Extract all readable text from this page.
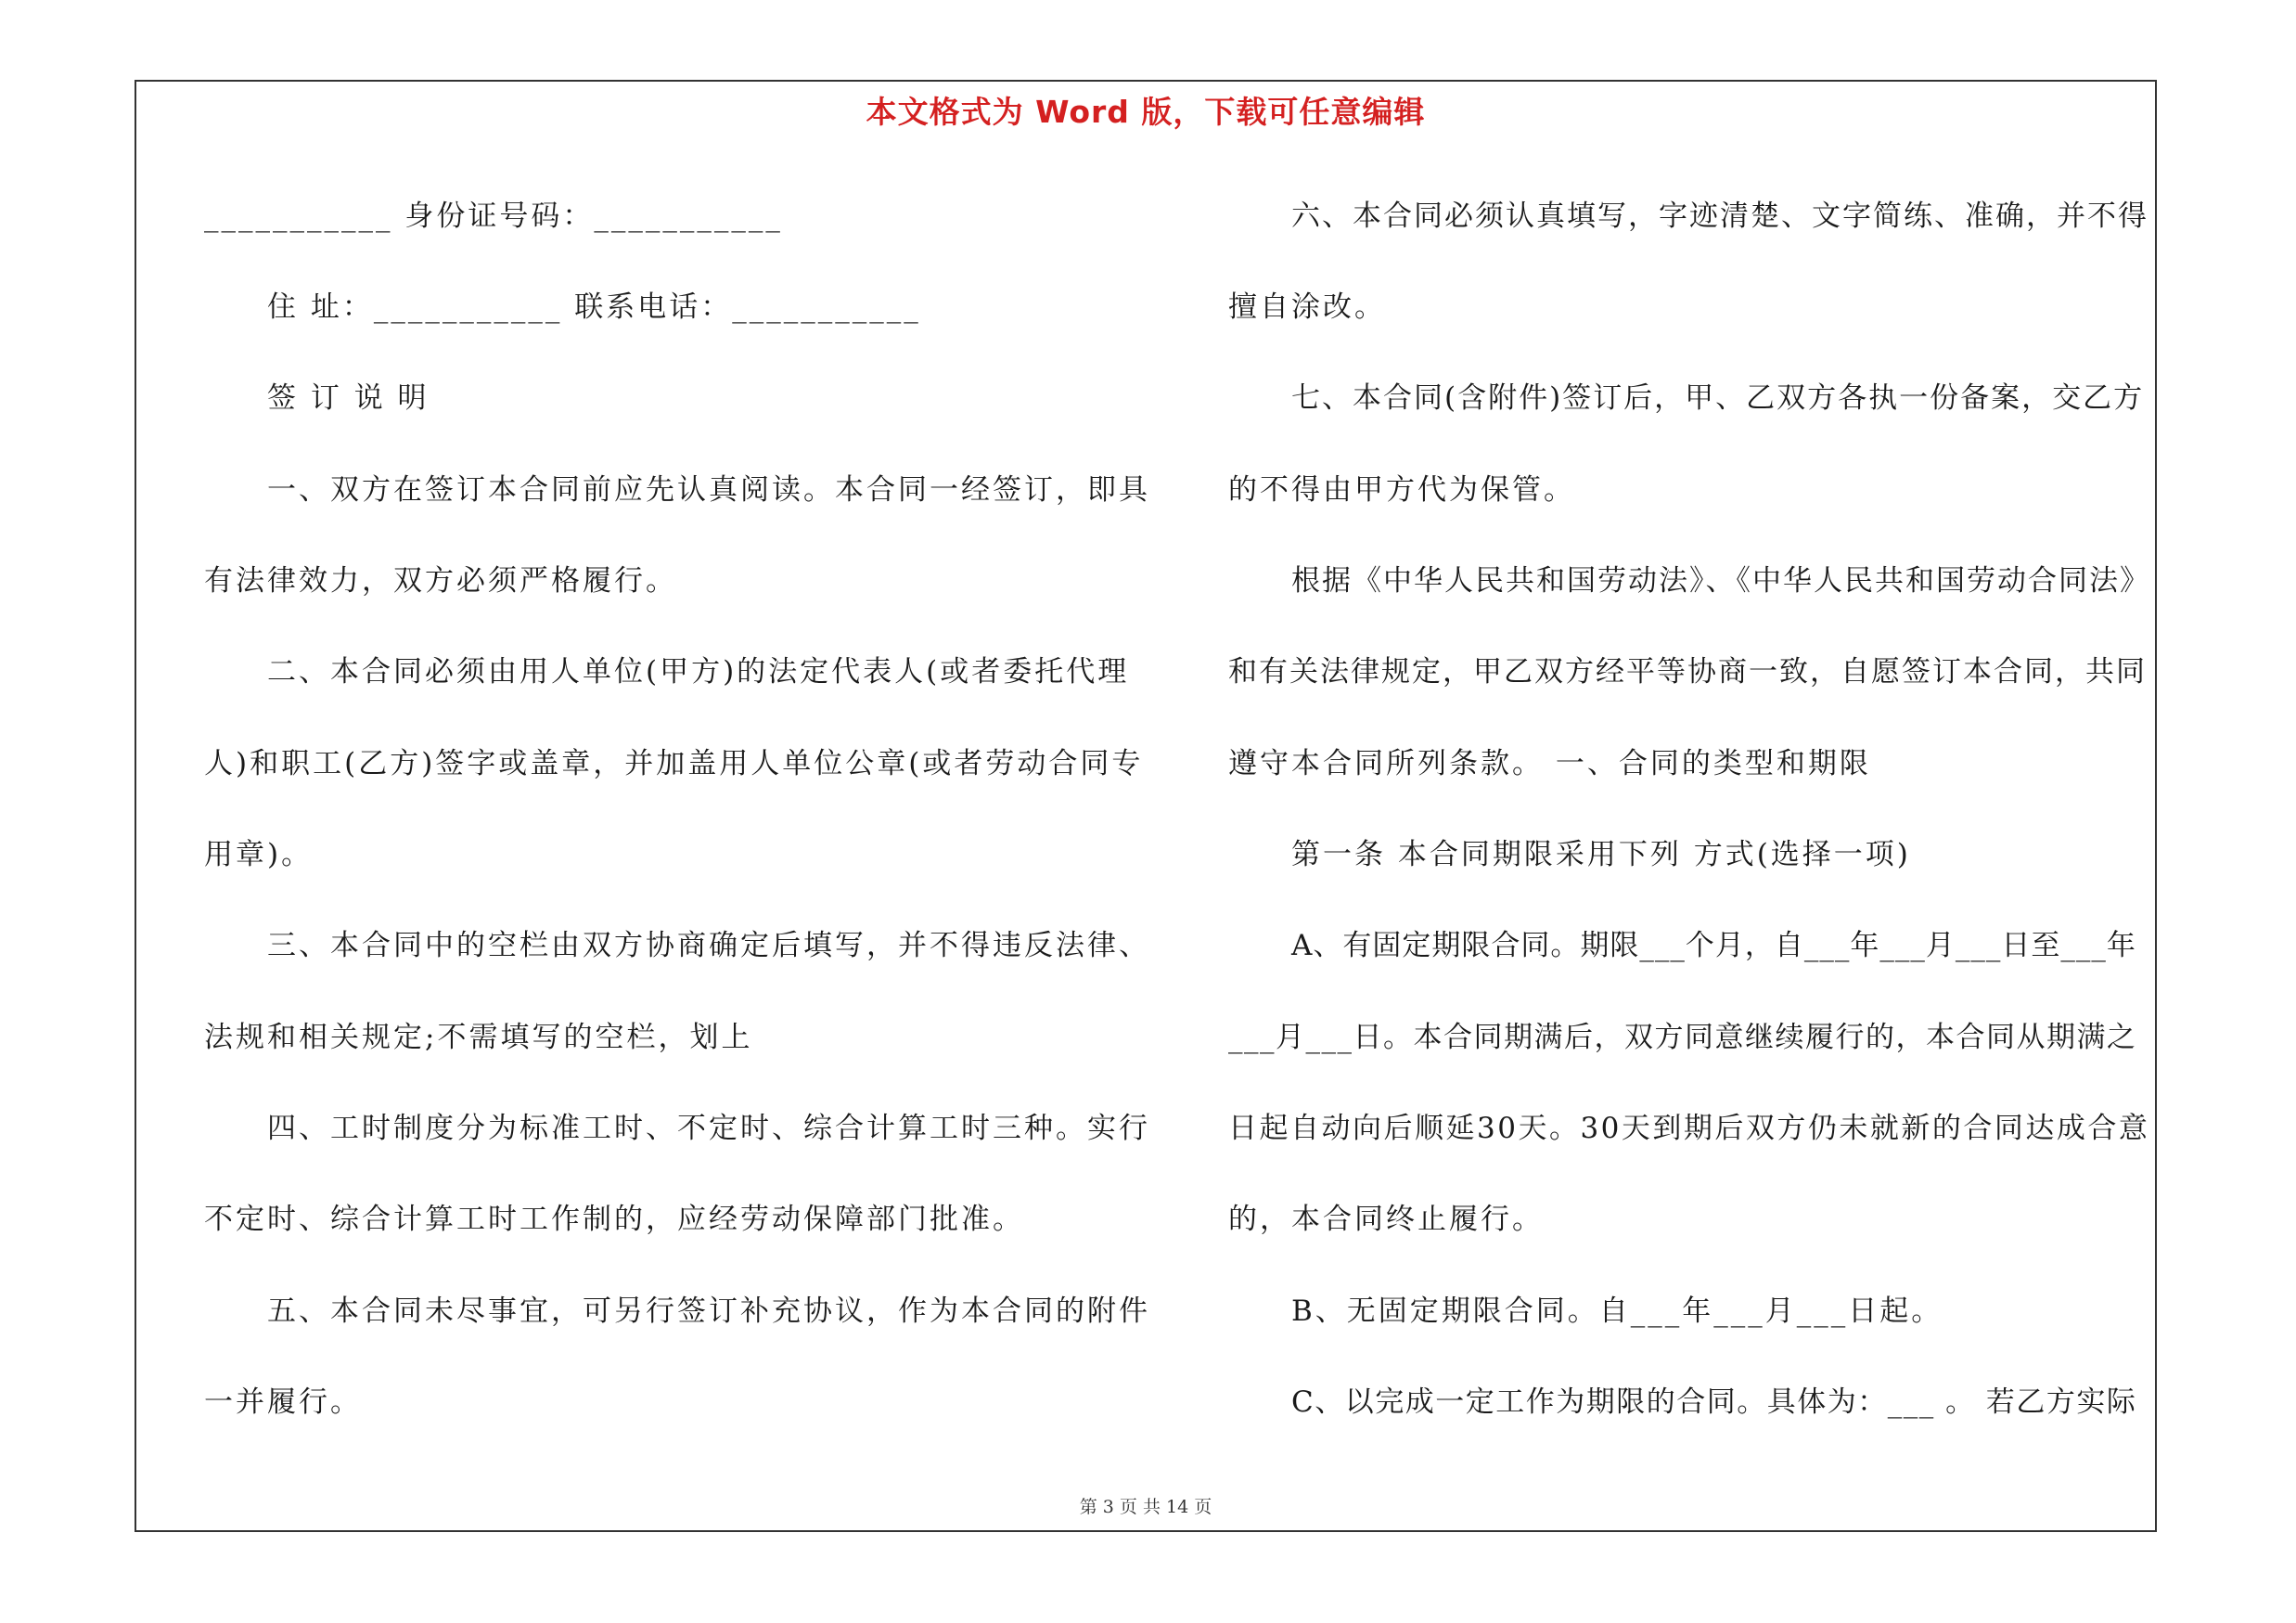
本文格式为 Word 版，下载可任意编辑
___________ 身份证号码：___________
住 址：___________ 联系电话：___________
签 订 说 明
一、双方在签订本合同前应先认真阅读。本合同一经签订，即具
有法律效力，双方必须严格履行。
二、本合同必须由用人单位(甲方)的法定代表人(或者委托代理
人)和职工(乙方)签字或盖章，并加盖用人单位公章(或者劳动合同专
用章)。
三、本合同中的空栏由双方协商确定后填写，并不得违反法律、
法规和相关规定;不需填写的空栏，划上
四、工时制度分为标准工时、不定时、综合计算工时三种。实行
不定时、综合计算工时工作制的，应经劳动保障部门批准。
五、本合同未尽事宜，可另行签订补充协议，作为本合同的附件
一并履行。
六、本合同必须认真填写，字迹清楚、文字简练、准确，并不得
擅自涂改。
七、本合同(含附件)签订后，甲、乙双方各执一份备案，交乙方
的不得由甲方代为保管。
根据《中华人民共和国劳动法》、《中华人民共和国劳动合同法》
和有关法律规定，甲乙双方经平等协商一致，自愿签订本合同，共同
遵守本合同所列条款。 一、合同的类型和期限
第一条 本合同期限采用下列 方式(选择一项)
A、有固定期限合同。期限___个月，自___年___月___日至___年
___月___日。本合同期满后，双方同意继续履行的，本合同从期满之
日起自动向后顺延30天。30天到期后双方仍未就新的合同达成合意
的，本合同终止履行。
B、无固定期限合同。自___年___月___日起。
C、以完成一定工作为期限的合同。具体为：___ 。 若乙方实际
第 3 页 共 14 页
